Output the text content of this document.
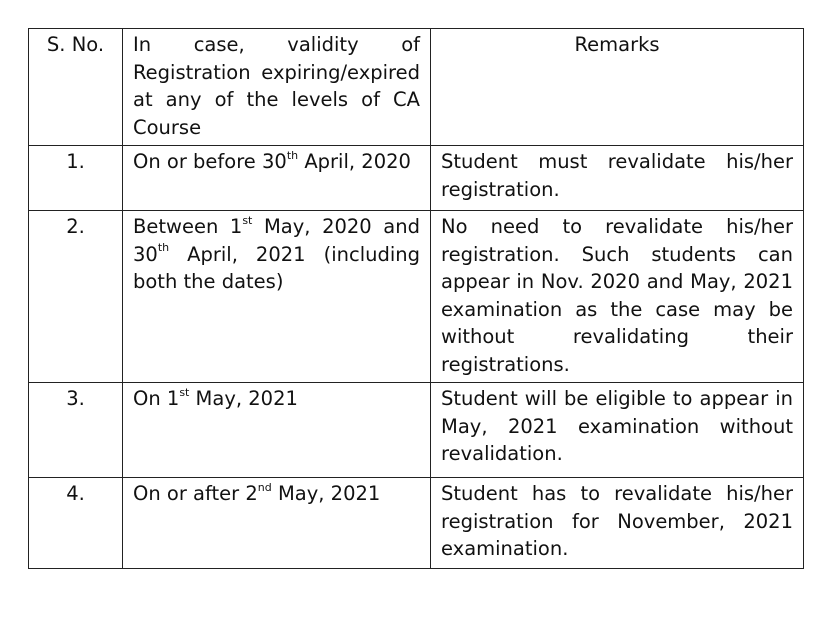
S. No.	In case, validity of Registration expiring/expired at any of the levels of CA Course	Remarks
1.	On or before 30th April, 2020	Student must revalidate his/her registration.
2.	Between 1st May, 2020 and 30th April, 2021 (including both the dates)	No need to revalidate his/her registration. Such students can appear in Nov. 2020 and May, 2021 examination as the case may be without revalidating their registrations.
3.	On 1st May, 2021	Student will be eligible to appear in May, 2021 examination without revalidation.
4.	On or after 2nd May, 2021	Student has to revalidate his/her registration for November, 2021 examination.
